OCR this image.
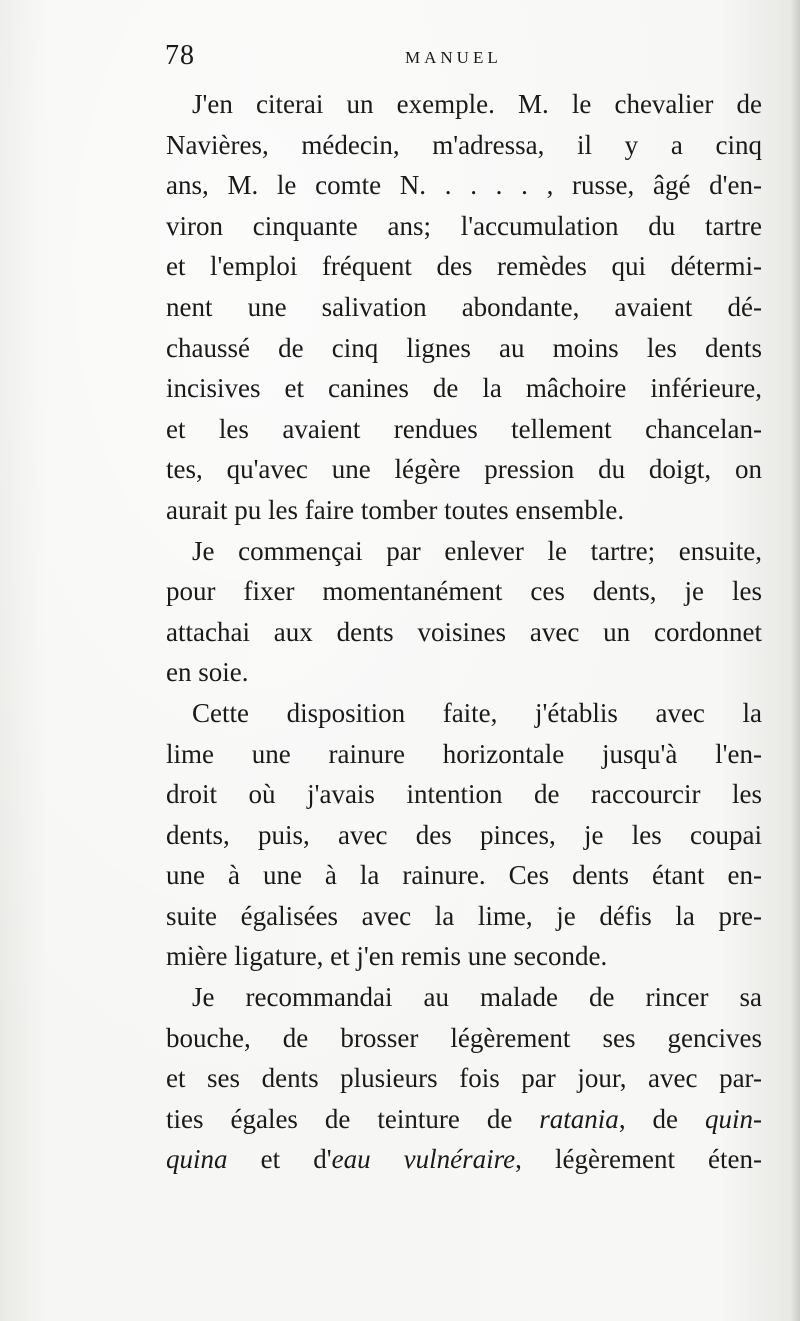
78	MANUEL
J'en citerai un exemple. M. le chevalier de
Navières, médecin, m'adressa, il y a cinq
ans, M. le comte N. . . . . , russe, âgé d'en-
viron cinquante ans; l'accumulation du tartre
et l'emploi fréquent des remèdes qui détermi-
nent une salivation abondante, avaient dé-
chaussé de cinq lignes au moins les dents
incisives et canines de la mâchoire inférieure,
et les avaient rendues tellement chancelan-
tes, qu'avec une légère pression du doigt, on
aurait pu les faire tomber toutes ensemble.
Je commençai par enlever le tartre; ensuite,
pour fixer momentanément ces dents, je les
attachai aux dents voisines avec un cordonnet
en soie.
Cette disposition faite, j'établis avec la
lime une rainure horizontale jusqu'à l'en-
droit où j'avais intention de raccourcir les
dents, puis, avec des pinces, je les coupai
une à une à la rainure. Ces dents étant en-
suite égalisées avec la lime, je défis la pre-
mière ligature, et j'en remis une seconde.
Je recommandai au malade de rincer sa
bouche, de brosser légèrement ses gencives
et ses dents plusieurs fois par jour, avec par-
ties égales de teinture de ratania, de quin-
quina et d'eau vulnéraire, légèrement éten-
